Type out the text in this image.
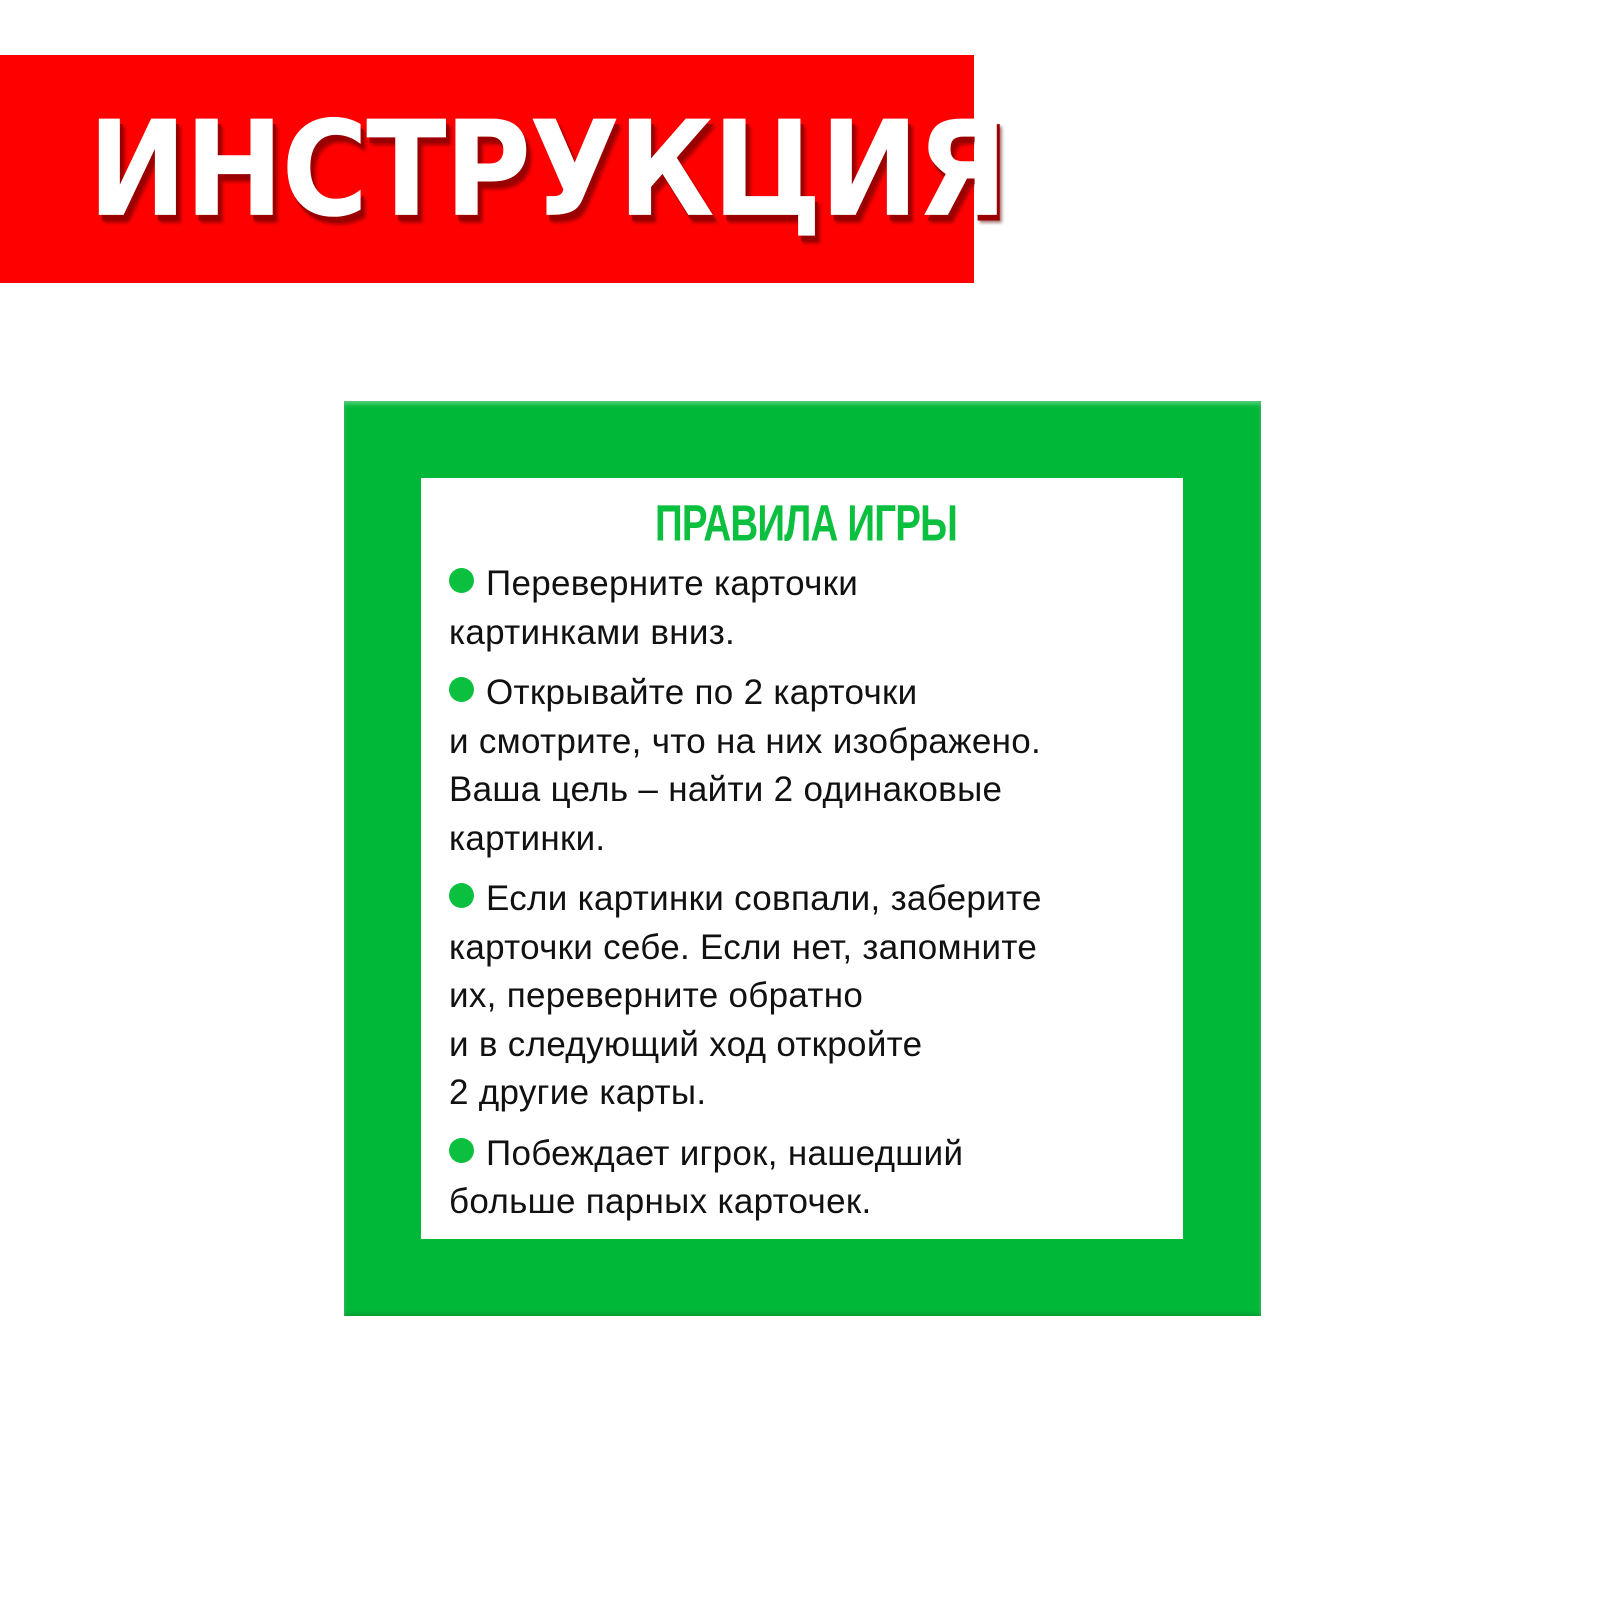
ИНСТРУКЦИЯ
ПРАВИЛА ИГРЫ
Переверните карточки
картинками вниз.
Открывайте по 2 карточки
и смотрите, что на них изображено.
Ваша цель – найти 2 одинаковые
картинки.
Если картинки совпали, заберите
карточки себе. Если нет, запомните
их, переверните обратно
и в следующий ход откройте
2 другие карты.
Побеждает игрок, нашедший
больше парных карточек.
